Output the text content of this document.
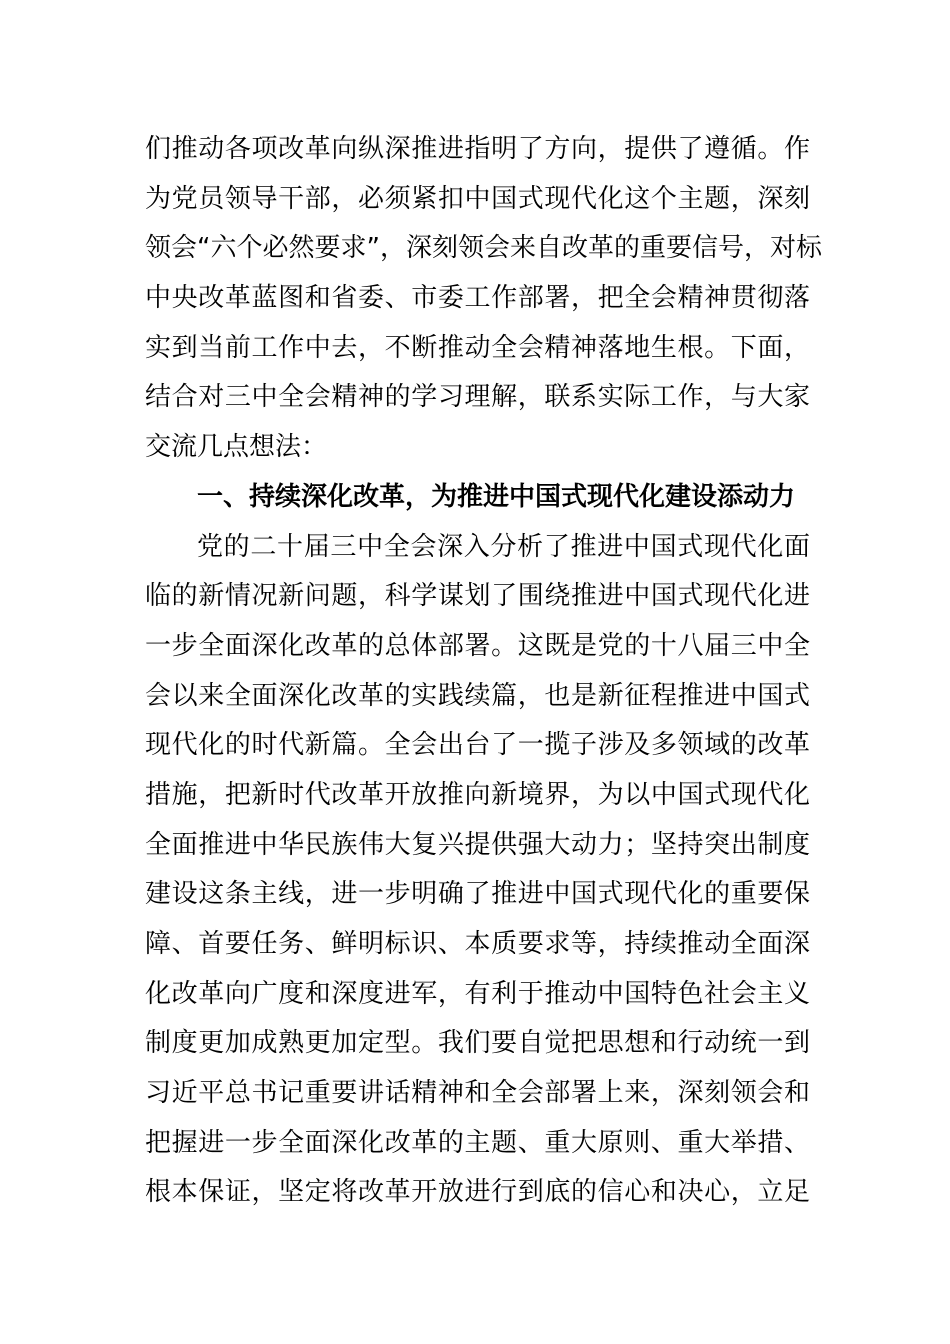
们推动各项改革向纵深推进指明了方向，提供了遵循。作
为党员领导干部，必须紧扣中国式现代化这个主题，深刻
领会“六个必然要求”，深刻领会来自改革的重要信号，对标
中央改革蓝图和省委、市委工作部署，把全会精神贯彻落
实到当前工作中去，不断推动全会精神落地生根。下面，
结合对三中全会精神的学习理解，联系实际工作，与大家
交流几点想法：
一、持续深化改革，为推进中国式现代化建设添动力
党的二十届三中全会深入分析了推进中国式现代化面
临的新情况新问题，科学谋划了围绕推进中国式现代化进
一步全面深化改革的总体部署。这既是党的十八届三中全
会以来全面深化改革的实践续篇，也是新征程推进中国式
现代化的时代新篇。全会出台了一揽子涉及多领域的改革
措施，把新时代改革开放推向新境界，为以中国式现代化
全面推进中华民族伟大复兴提供强大动力；坚持突出制度
建设这条主线，进一步明确了推进中国式现代化的重要保
障、首要任务、鲜明标识、本质要求等，持续推动全面深
化改革向广度和深度进军，有利于推动中国特色社会主义
制度更加成熟更加定型。我们要自觉把思想和行动统一到
习近平总书记重要讲话精神和全会部署上来，深刻领会和
把握进一步全面深化改革的主题、重大原则、重大举措、
根本保证，坚定将改革开放进行到底的信心和决心，立足
